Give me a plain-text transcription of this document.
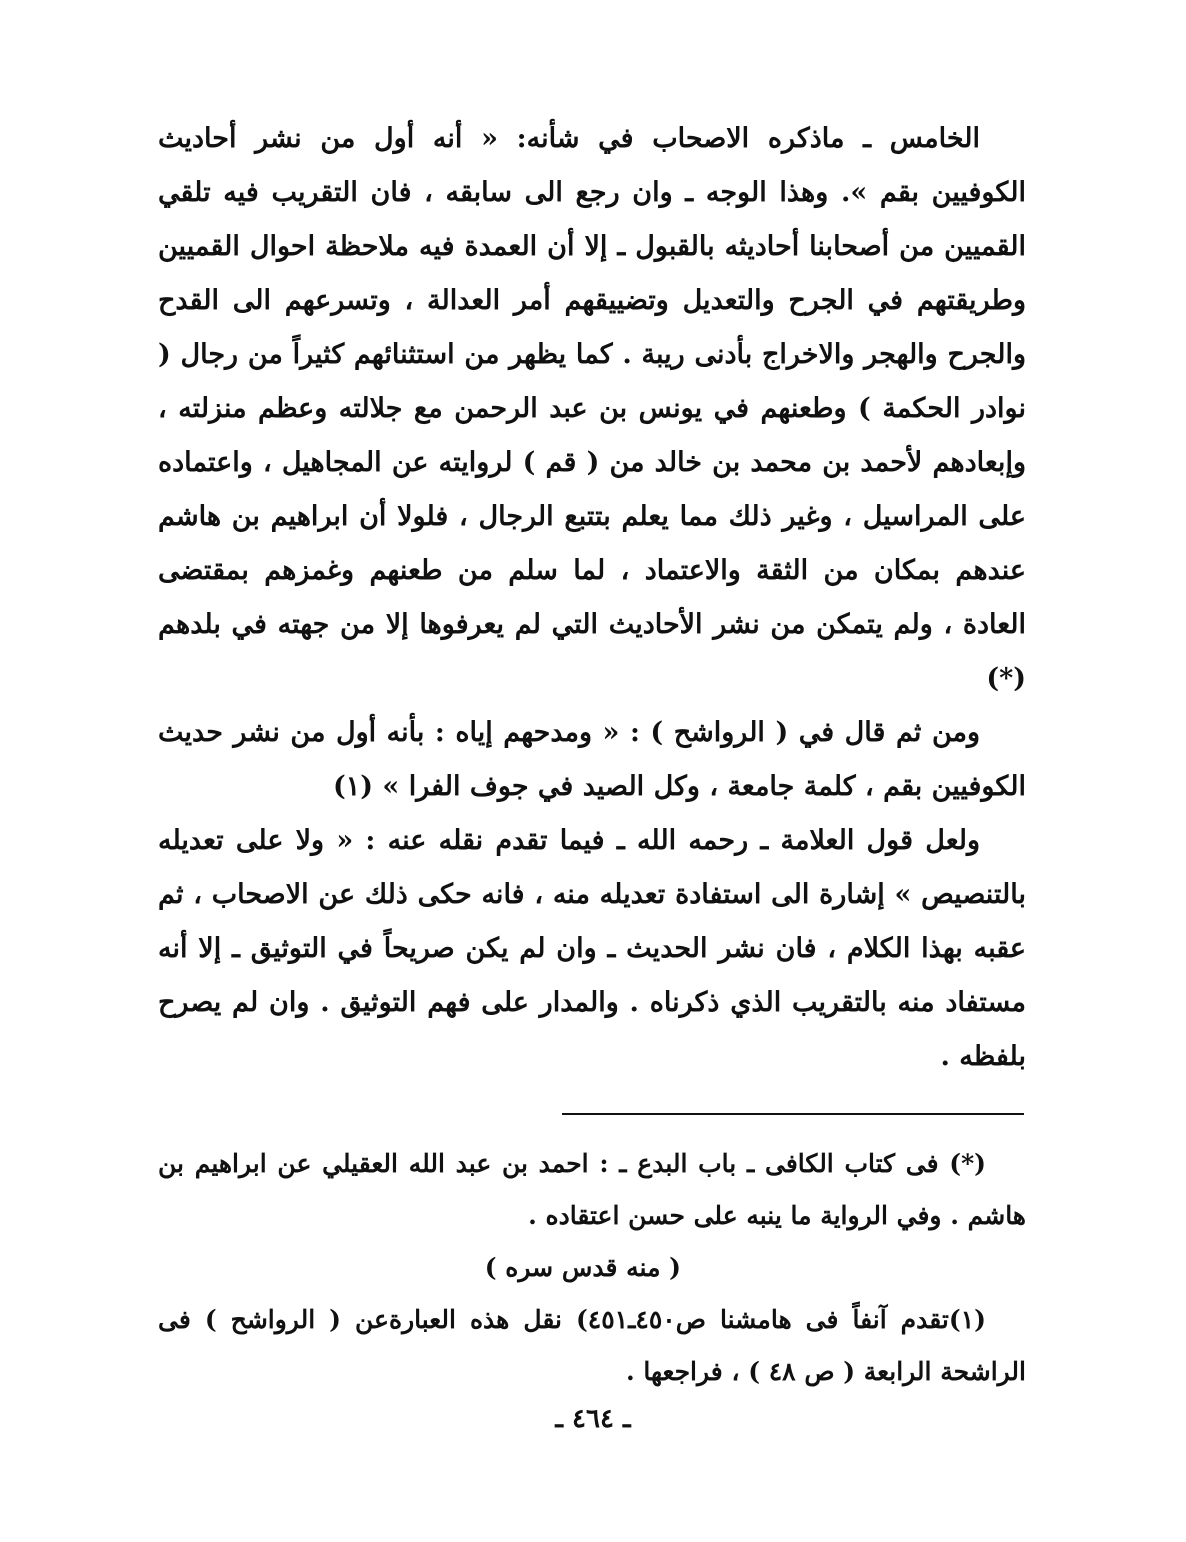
الخامس ـ ماذكره الاصحاب في شأنه: « أنه أول من نشر أحاديث الكوفيين بقم ». وهذا الوجه ـ وان رجع الى سابقه ، فان التقريب فيه تلقي القميين من أصحابنا أحاديثه بالقبول ـ إلا أن العمدة فيه ملاحظة احوال القميين وطريقتهم في الجرح والتعديل وتضييقهم أمر العدالة ، وتسرعهم الى القدح والجرح والهجر والاخراج بأدنى ريبة . كما يظهر من استثنائهم كثيراً من رجال ( نوادر الحكمة ) وطعنهم في يونس بن عبد الرحمن مع جلالته وعظم منزلته ، وإبعادهم لأحمد بن محمد بن خالد من ( قم ) لروايته عن المجاهيل ، واعتماده على المراسيل ، وغير ذلك مما يعلم بتتبع الرجال ، فلولا أن ابراهيم بن هاشم عندهم بمكان من الثقة والاعتماد ، لما سلم من طعنهم وغمزهم بمقتضى العادة ، ولم يتمكن من نشر الأحاديث التي لم يعرفوها إلا من جهته في بلدهم (*)

ومن ثم قال في ( الرواشح ) : « ومدحهم إياه : بأنه أول من نشر حديث الكوفيين بقم ، كلمة جامعة ، وكل الصيد في جوف الفرا » (١)

ولعل قول العلامة ـ رحمه الله ـ فيما تقدم نقله عنه : « ولا على تعديله بالتنصيص » إشارة الى استفادة تعديله منه ، فانه حكى ذلك عن الاصحاب ، ثم عقبه بهذا الكلام ، فان نشر الحديث ـ وان لم يكن صريحاً في التوثيق ـ إلا أنه مستفاد منه بالتقريب الذي ذكرناه . والمدار على فهم التوثيق . وان لم يصرح بلفظه .

(*) فى كتاب الكافى ـ باب البدع ـ : احمد بن عبد الله العقيلي عن ابراهيم بن هاشم . وفي الرواية ما ينبه على حسن اعتقاده .

( منه قدس سره )

(١)تقدم آنفاً فى هامشنا ص٤٥٠ـ٤٥١) نقل هذه العبارةعن ( الرواشح ) فى الراشحة الرابعة ( ص ٤٨ ) ، فراجعها .

ـ ٤٦٤ ـ
